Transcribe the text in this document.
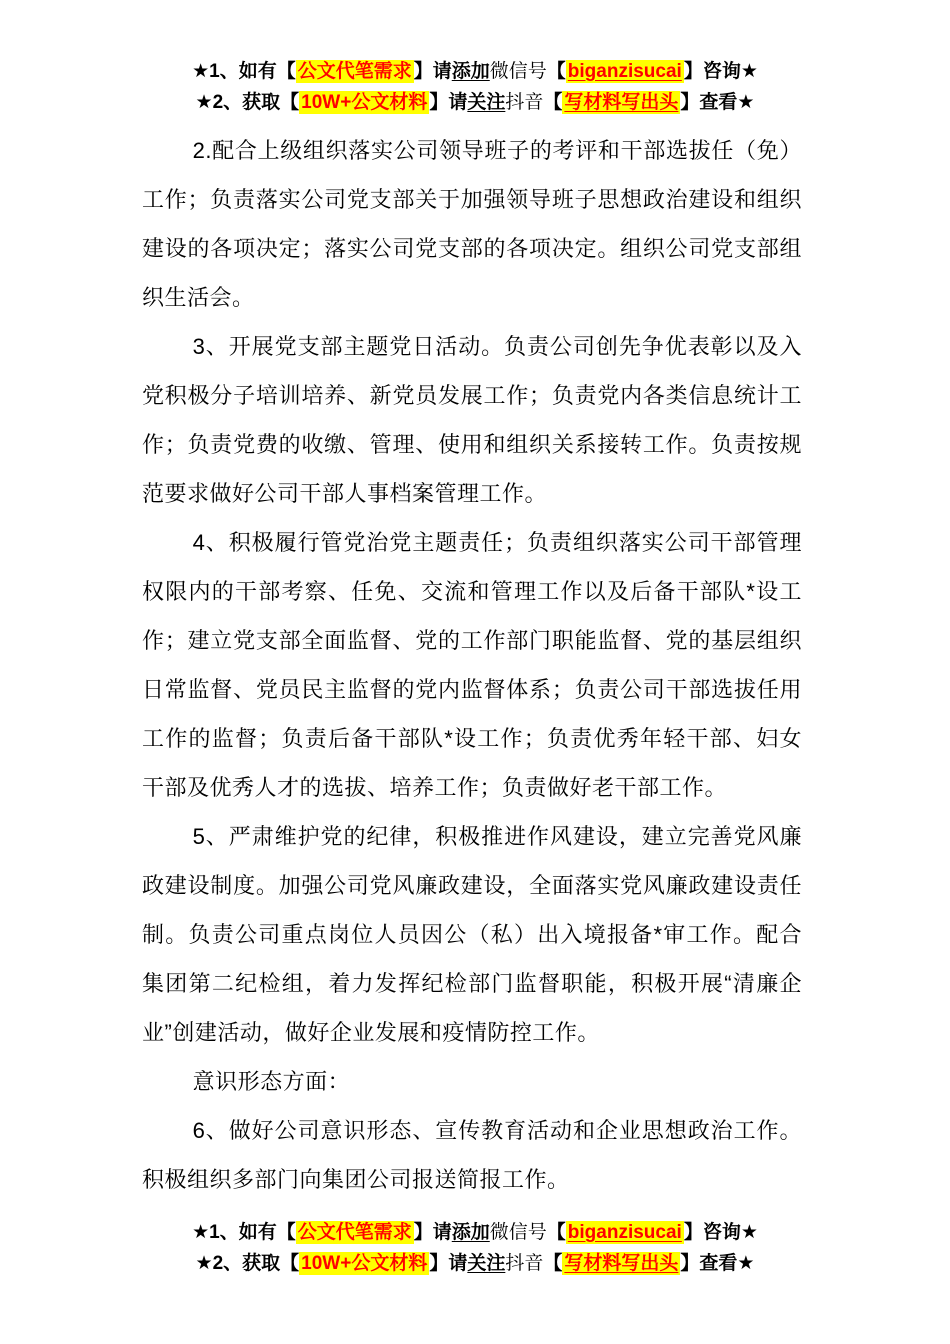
★1、如有【 公文代笔需求 】请添加微信号【 biganzisucai 】咨询★
★2、获取【 10W+公文材料 】请关注抖音【 写材料写出头 】查看★

2.配合上级组织落实公司领导班子的考评和干部选拔任（免）工作；负责落实公司党支部关于加强领导班子思想政治建设和组织建设的各项决定；落实公司党支部的各项决定。组织公司党支部组织生活会。

3、开展党支部主题党日活动。负责公司创先争优表彰以及入党积极分子培训培养、新党员发展工作；负责党内各类信息统计工作；负责党费的收缴、管理、使用和组织关系接转工作。负责按规范要求做好公司干部人事档案管理工作。

4、积极履行管党治党主题责任；负责组织落实公司干部管理权限内的干部考察、任免、交流和管理工作以及后备干部队*设工作；建立党支部全面监督、党的工作部门职能监督、党的基层组织日常监督、党员民主监督的党内监督体系；负责公司干部选拔任用工作的监督；负责后备干部队*设工作；负责优秀年轻干部、妇女干部及优秀人才的选拔、培养工作；负责做好老干部工作。

5、严肃维护党的纪律，积极推进作风建设，建立完善党风廉政建设制度。加强公司党风廉政建设，全面落实党风廉政建设责任制。负责公司重点岗位人员因公（私）出入境报备*审工作。配合集团第二纪检组，着力发挥纪检部门监督职能，积极开展“清廉企业”创建活动，做好企业发展和疫情防控工作。

意识形态方面：

6、做好公司意识形态、宣传教育活动和企业思想政治工作。积极组织多部门向集团公司报送简报工作。

★1、如有【 公文代笔需求 】请添加微信号【 biganzisucai 】咨询★
★2、获取【 10W+公文材料 】请关注抖音【 写材料写出头 】查看★
